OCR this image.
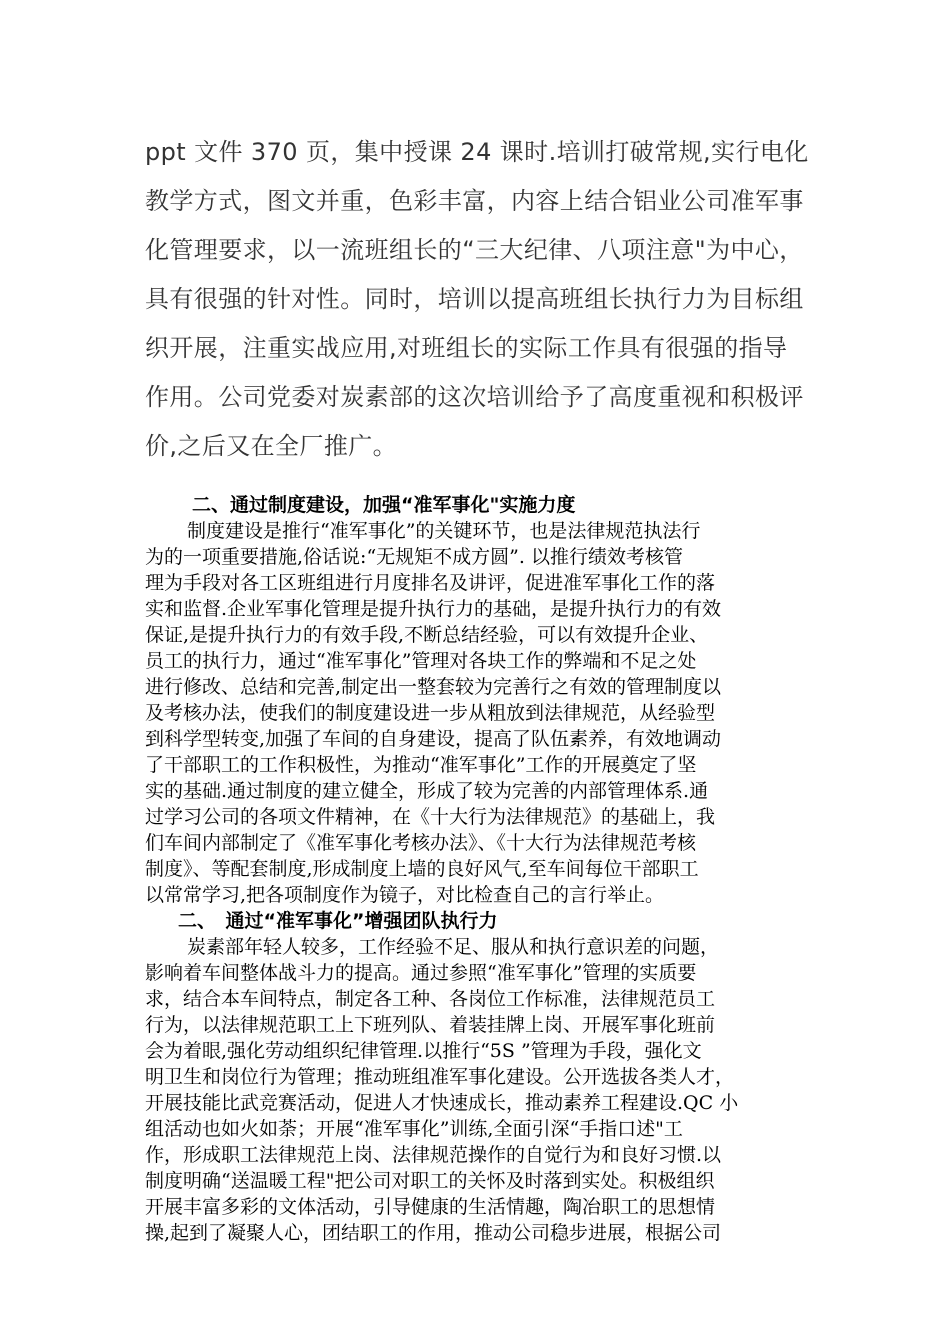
ppt 文件 370 页，集中授课 24 课时.培训打破常规,实行电化
教学方式，图文并重，色彩丰富，内容上结合铝业公司准军事
化管理要求，以一流班组长的“三大纪律、八项注意"为中心，
具有很强的针对性。同时，培训以提高班组长执行力为目标组
织开展，注重实战应用,对班组长的实际工作具有很强的指导
作用。公司党委对炭素部的这次培训给予了高度重视和积极评
价,之后又在全厂推广。
二、通过制度建设，加强“准军事化"实施力度
制度建设是推行“准军事化”的关键环节，也是法律规范执法行
为的一项重要措施,俗话说:“无规矩不成方圆”. 以推行绩效考核管
理为手段对各工区班组进行月度排名及讲评，促进准军事化工作的落
实和监督.企业军事化管理是提升执行力的基础，是提升执行力的有效
保证,是提升执行力的有效手段,不断总结经验，可以有效提升企业、
员工的执行力，通过“准军事化”管理对各块工作的弊端和不足之处
进行修改、总结和完善,制定出一整套较为完善行之有效的管理制度以
及考核办法，使我们的制度建设进一步从粗放到法律规范，从经验型
到科学型转变,加强了车间的自身建设，提高了队伍素养，有效地调动
了干部职工的工作积极性，为推动“准军事化”工作的开展奠定了坚
实的基础.通过制度的建立健全，形成了较为完善的内部管理体系.通
过学习公司的各项文件精神，在《十大行为法律规范》的基础上，我
们车间内部制定了《准军事化考核办法》、《十大行为法律规范考核
制度》、等配套制度,形成制度上墙的良好风气,至车间每位干部职工
以常常学习,把各项制度作为镜子，对比检查自己的言行举止。
二、　通过“准军事化”增强团队执行力
炭素部年轻人较多，工作经验不足、服从和执行意识差的问题，
影响着车间整体战斗力的提高。通过参照“准军事化”管理的实质要
求，结合本车间特点，制定各工种、各岗位工作标准，法律规范员工
行为，以法律规范职工上下班列队、着装挂牌上岗、开展军事化班前
会为着眼,强化劳动组织纪律管理.以推行“5S ”管理为手段，强化文
明卫生和岗位行为管理；推动班组准军事化建设。公开选拔各类人才，
开展技能比武竞赛活动，促进人才快速成长，推动素养工程建设.QC 小
组活动也如火如荼；开展“准军事化”训练,全面引深“手指口述"工
作，形成职工法律规范上岗、法律规范操作的自觉行为和良好习惯.以
制度明确“送温暖工程"把公司对职工的关怀及时落到实处。积极组织
开展丰富多彩的文体活动，引导健康的生活情趣，陶冶职工的思想情
操,起到了凝聚人心，团结职工的作用，推动公司稳步进展，根据公司
